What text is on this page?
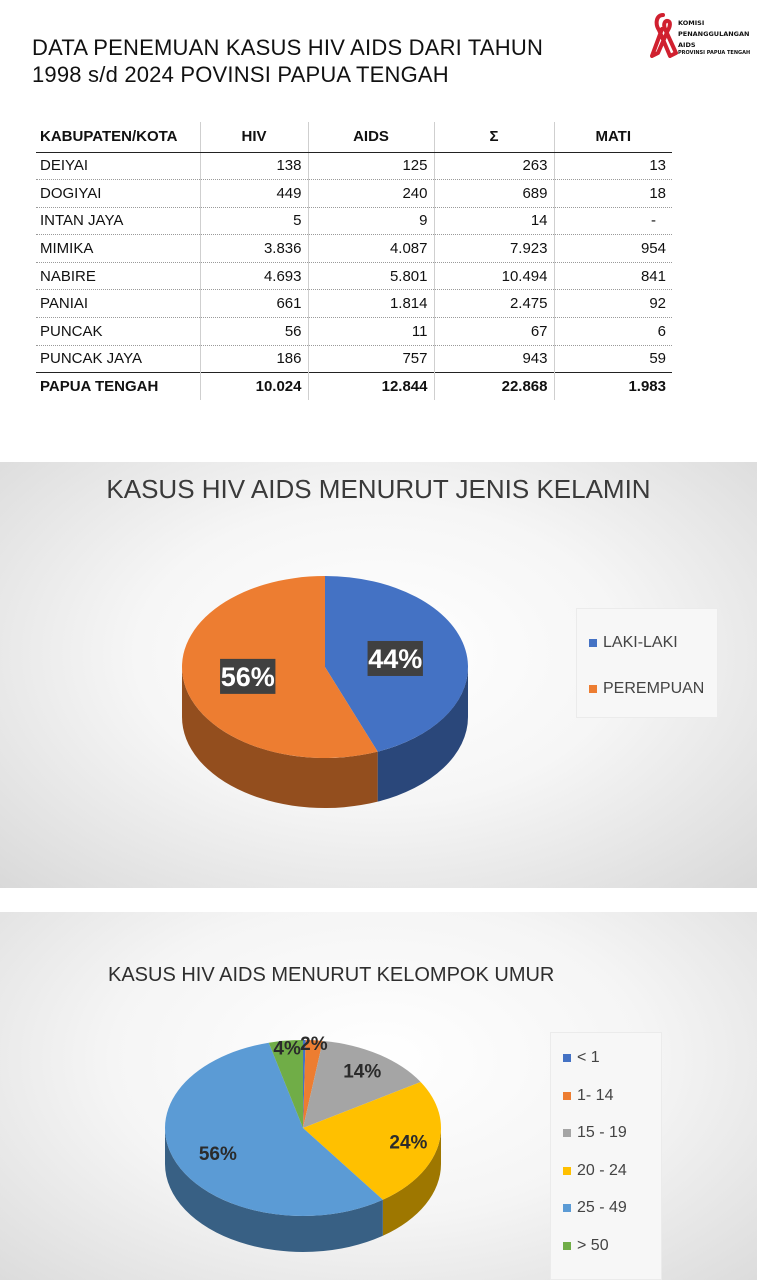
DATA PENEMUAN KASUS HIV AIDS DARI TAHUN
1998 s/d 2024 POVINSI PAPUA TENGAH
KOMISI
PENANGGULANGAN
AIDS
PROVINSI PAPUA TENGAH
KABUPATEN/KOTA	HIV	AIDS	Σ	MATI
DEIYAI	138	125	263	13
DOGIYAI	449	240	689	18
INTAN JAYA	5	9	14	-
MIMIKA	3.836	4.087	7.923	954
NABIRE	4.693	5.801	10.494	841
PANIAI	661	1.814	2.475	92
PUNCAK	56	11	67	6
PUNCAK JAYA	186	757	943	59
PAPUA TENGAH	10.024	12.844	22.868	1.983
KASUS HIV AIDS MENURUT JENIS KELAMIN
44%
56%
LAKI-LAKI
PEREMPUAN
KASUS HIV AIDS MENURUT KELOMPOK UMUR
2%
14%
24%
56%
4%	< 1
1- 14
15 - 19
20 - 24
25 - 49
> 50
